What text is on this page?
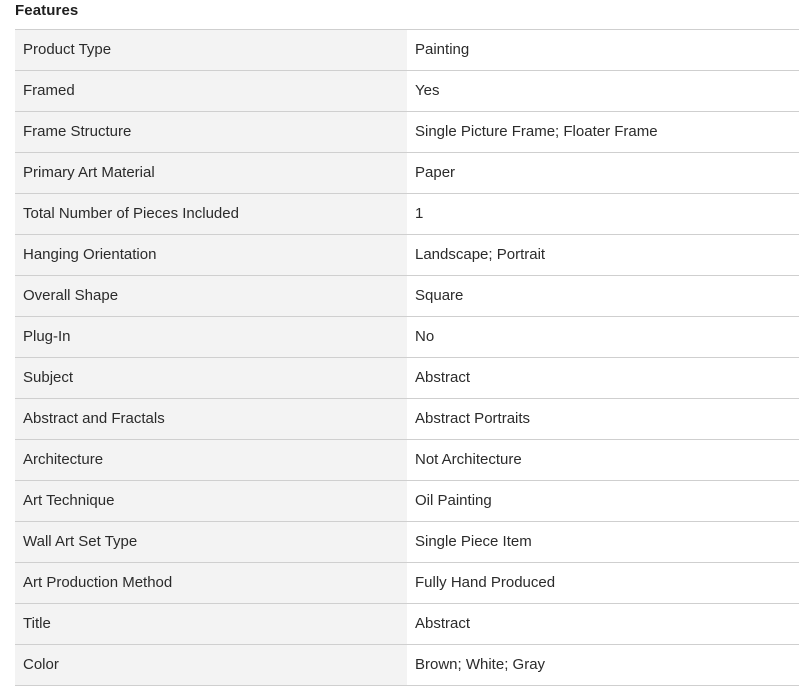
Features
Product Type	Painting
Framed	Yes
Frame Structure	Single Picture Frame; Floater Frame
Primary Art Material	Paper
Total Number of Pieces Included	1
Hanging Orientation	Landscape; Portrait
Overall Shape	Square
Plug-In	No
Subject	Abstract
Abstract and Fractals	Abstract Portraits
Architecture	Not Architecture
Art Technique	Oil Painting
Wall Art Set Type	Single Piece Item
Art Production Method	Fully Hand Produced
Title	Abstract
Color	Brown; White; Gray
